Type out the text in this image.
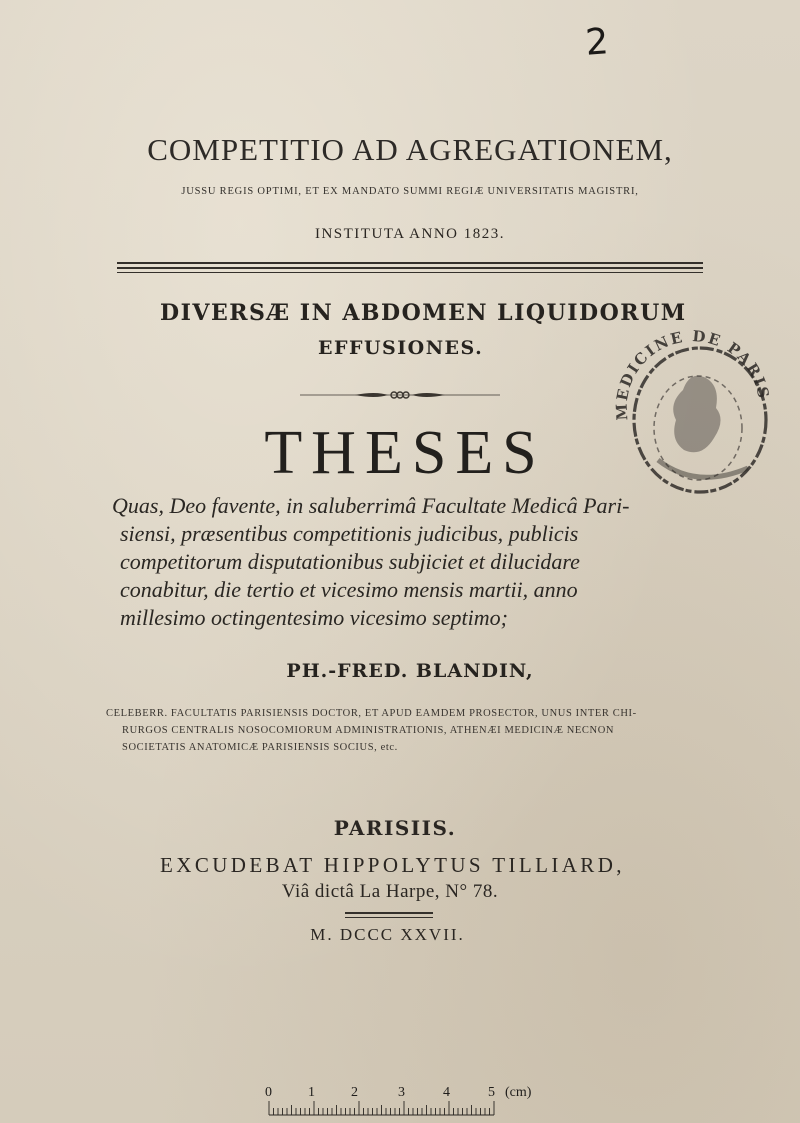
2
COMPETITIO AD AGREGATIONEM,
JUSSU REGIS OPTIMI, ET EX MANDATO SUMMI REGIÆ UNIVERSITATIS MAGISTRI,
INSTITUTA ANNO 1823.
DIVERSÆ IN ABDOMEN LIQUIDORUM
EFFUSIONES.
THESES
Quas, Deo favente, in saluberrimâ Facultate Medicâ Pari-
siensi, præsentibus competitionis judicibus, publicis
competitorum disputationibus subjiciet et dilucidare
conabitur, die tertio et vicesimo mensis martii, anno
millesimo octingentesimo vicesimo septimo;
PH.-FRED. BLANDIN,
CELEBERR. FACULTATIS PARISIENSIS DOCTOR, ET APUD EAMDEM PROSECTOR, UNUS INTER CHI-
RURGOS CENTRALIS NOSOCOMIORUM ADMINISTRATIONIS, ATHENÆI MEDICINÆ NECNON
SOCIETATIS ANATOMICÆ PARISIENSIS SOCIUS, etc.
PARISIIS.
EXCUDEBAT HIPPOLYTUS TILLIARD,
Viâ dictâ La Harpe, N° 78.
M. DCCC XXVII.
MEDICINE DE PARIS
0	1	2	3	4	5 (cm)
